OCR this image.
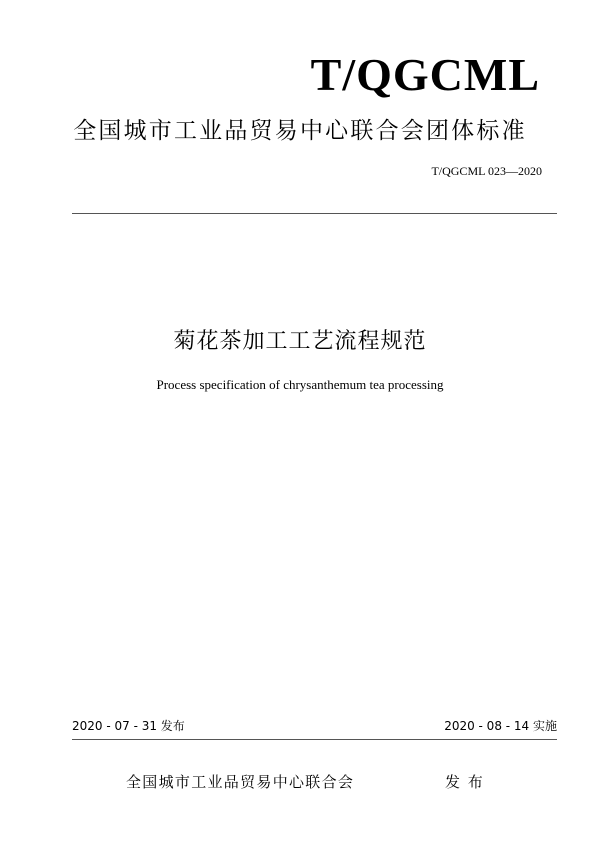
T/QGCML
全国城市工业品贸易中心联合会团体标准
T/QGCML 023—2020
菊花茶加工工艺流程规范
Process specification of chrysanthemum tea processing
2020 - 07 - 31 发布	2020 - 08 - 14 实施
全国城市工业品贸易中心联合会	发 布
